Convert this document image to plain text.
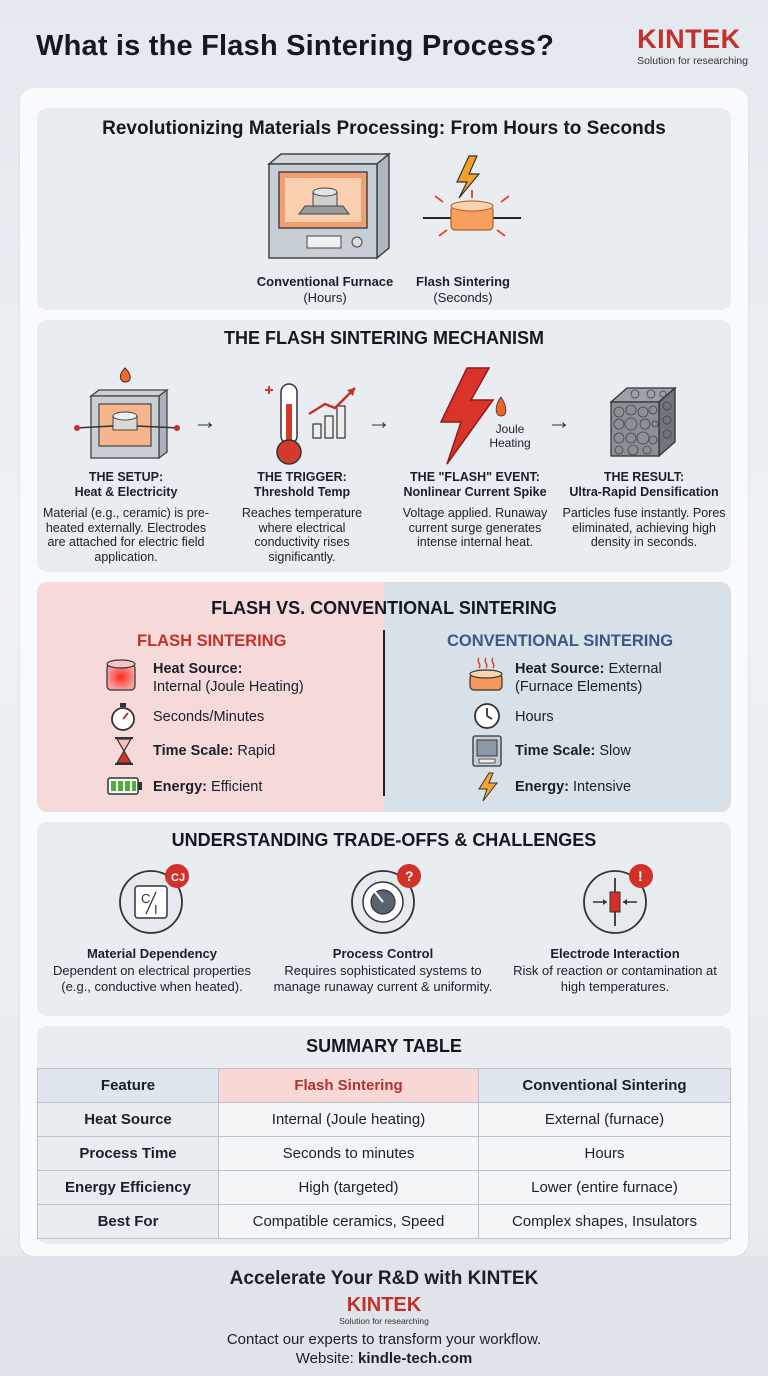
What is the Flash Sintering Process?	KINTEK
Solution for researching
Revolutionizing Materials Processing: From Hours to Seconds
Conventional Furnace
(Hours)
Flash Sintering
(Seconds)
THE FLASH SINTERING MECHANISM
→	→	Joule
Heating
→
THE SETUP:
Heat & Electricity
Material (e.g., ceramic) is pre-heated externally. Electrodes are attached for electric field application.
THE TRIGGER:
Threshold Temp
Reaches temperature where electrical conductivity rises significantly.
THE "FLASH" EVENT:
Nonlinear Current Spike
Voltage applied. Runaway current surge generates intense internal heat.
THE RESULT:
Ultra-Rapid Densification
Particles fuse instantly. Pores eliminated, achieving high density in seconds.
FLASH VS. CONVENTIONAL SINTERING
FLASH SINTERING	CONVENTIONAL SINTERING
Heat Source:
Internal (Joule Heating)
Seconds/Minutes
Time Scale: Rapid
Energy: Efficient
Heat Source: External
(Furnace Elements)
Hours
Time Scale: Slow
Energy: Intensive
UNDERSTANDING TRADE-OFFS & CHALLENGES
C
I
CJ	?	!
Material Dependency
Dependent on electrical properties (e.g., conductive when heated).
Process Control
Requires sophisticated systems to manage runaway current & uniformity.
Electrode Interaction
Risk of reaction or contamination at high temperatures.
SUMMARY TABLE
Feature	Flash Sintering	Conventional Sintering
Heat Source	Internal (Joule heating)	External (furnace)
Process Time	Seconds to minutes	Hours
Energy Efficiency	High (targeted)	Lower (entire furnace)
Best For	Compatible ceramics, Speed	Complex shapes, Insulators
Accelerate Your R&D with KINTEK
KINTEK
Solution for researching
Contact our experts to transform your workflow.
Website: kindle-tech.com
